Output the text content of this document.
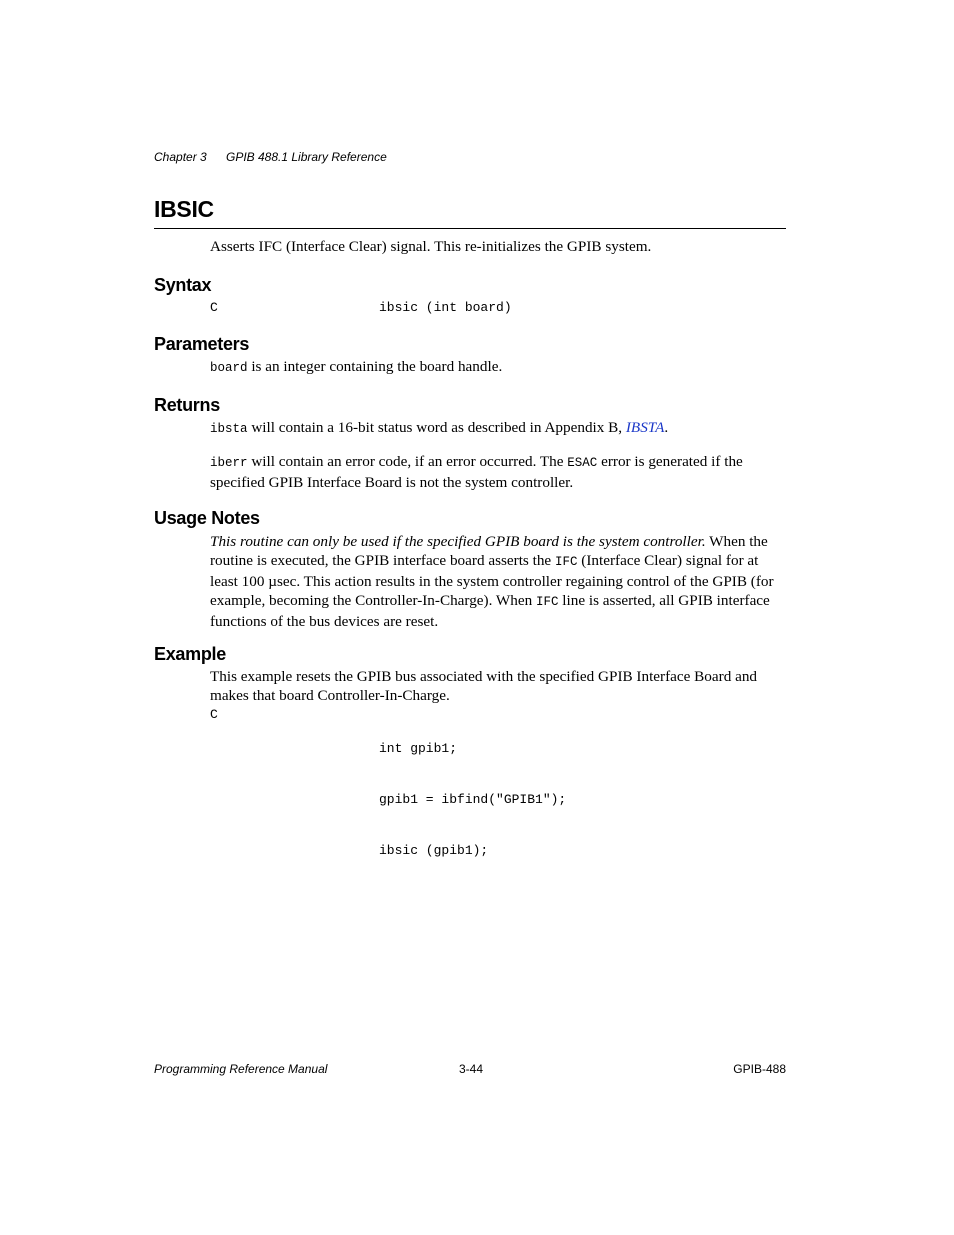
Chapter 3 GPIB 488.1 Library Reference
IBSIC

Asserts IFC (Interface Clear) signal. This re-initializes the GPIB system.

Syntax

C

	ibsic (int board)

Parameters

board is an integer containing the board handle.

Returns

ibsta will contain a 16-bit status word as described in Appendix B, IBSTA.

iberr will contain an error code, if an error occurred. The ESAC error is generated if the specified GPIB Interface Board is not the system controller.

Usage Notes

This routine can only be used if the specified GPIB board is the system controller. When the routine is executed, the GPIB interface board asserts the IFC (Interface Clear) signal for at least 100 µsec. This action results in the system controller regaining control of the GPIB (for example, becoming the Controller-In-Charge). When IFC line is asserted, all GPIB interface functions of the bus devices are reset.

Example

This example resets the GPIB bus associated with the specified GPIB Interface Board and makes that board Controller-In-Charge.

C

int gpib1;

gpib1 = ibfind("GPIB1");

ibsic (gpib1);

Programming Reference Manual	3-44	GPIB-488
